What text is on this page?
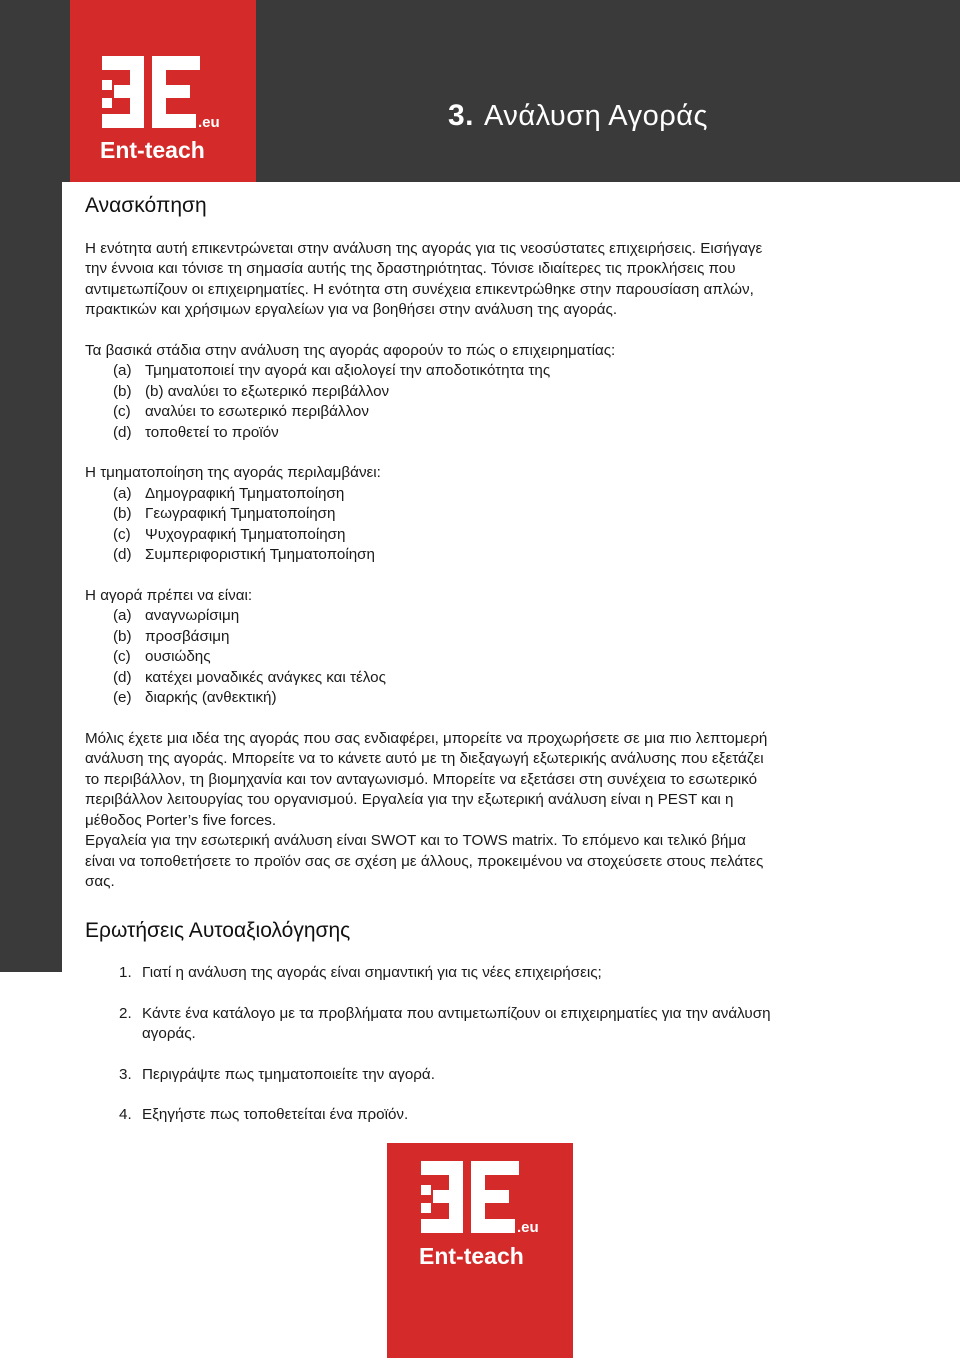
.eu
Ent-teach
3. Ανάλυση Αγοράς
Ανασκόπηση

Η ενότητα αυτή επικεντρώνεται στην ανάλυση της αγοράς για τις νεοσύστατες επιχειρήσεις. Εισήγαγε
την έννοια και τόνισε τη σημασία αυτής της δραστηριότητας. Τόνισε ιδιαίτερες τις προκλήσεις που
αντιμετωπίζουν οι επιχειρηματίες. Η ενότητα στη συνέχεια επικεντρώθηκε στην παρουσίαση απλών,
πρακτικών και χρήσιμων εργαλείων για να βοηθήσει στην ανάλυση της αγοράς.

Τα βασικά στάδια στην ανάλυση της αγοράς αφορούν το πώς ο επιχειρηματίας:

(a) Τμηματοποιεί την αγορά και αξιολογεί την αποδοτικότητα της
(b) (b) αναλύει το εξωτερικό περιβάλλον
(c) αναλύει το εσωτερικό περιβάλλον
(d) τοποθετεί το προϊόν

Η τμηματοποίηση της αγοράς περιλαμβάνει:

(a) Δημογραφική Τμηματοποίηση
(b) Γεωγραφική Τμηματοποίηση
(c) Ψυχογραφική Τμηματοποίηση
(d) Συμπεριφοριστική Τμηματοποίηση

Η αγορά πρέπει να είναι:

(a) αναγνωρίσιμη
(b) προσβάσιμη
(c) ουσιώδης
(d) κατέχει μοναδικές ανάγκες και τέλος
(e) διαρκής (ανθεκτική)

Μόλις έχετε μια ιδέα της αγοράς που σας ενδιαφέρει, μπορείτε να προχωρήσετε σε μια πιο λεπτομερή
ανάλυση της αγοράς. Μπορείτε να το κάνετε αυτό με τη διεξαγωγή εξωτερικής ανάλυσης που εξετάζει
το περιβάλλον, τη βιομηχανία και τον ανταγωνισμό. Μπορείτε να εξετάσει στη συνέχεια το εσωτερικό
περιβάλλον λειτουργίας του οργανισμού. Εργαλεία για την εξωτερική ανάλυση είναι η PEST και η
μέθοδος Porter’s five forces.
Εργαλεία για την εσωτερική ανάλυση είναι SWOT και το TOWS matrix. Το επόμενο και τελικό βήμα
είναι να τοποθετήσετε το προϊόν σας σε σχέση με άλλους, προκειμένου να στοχεύσετε στους πελάτες
σας.

Ερωτήσεις Αυτοαξιολόγησης
1. Γιατί η ανάλυση της αγοράς είναι σημαντική για τις νέες επιχειρήσεις;
2. Κάντε ένα κατάλογο με τα προβλήματα που αντιμετωπίζουν οι επιχειρηματίες για την ανάλυση
αγοράς.
3. Περιγράψτε πως τμηματοποιείτε την αγορά.
4. Εξηγήστε πως τοποθετείται ένα προϊόν.
.eu
Ent-teach
